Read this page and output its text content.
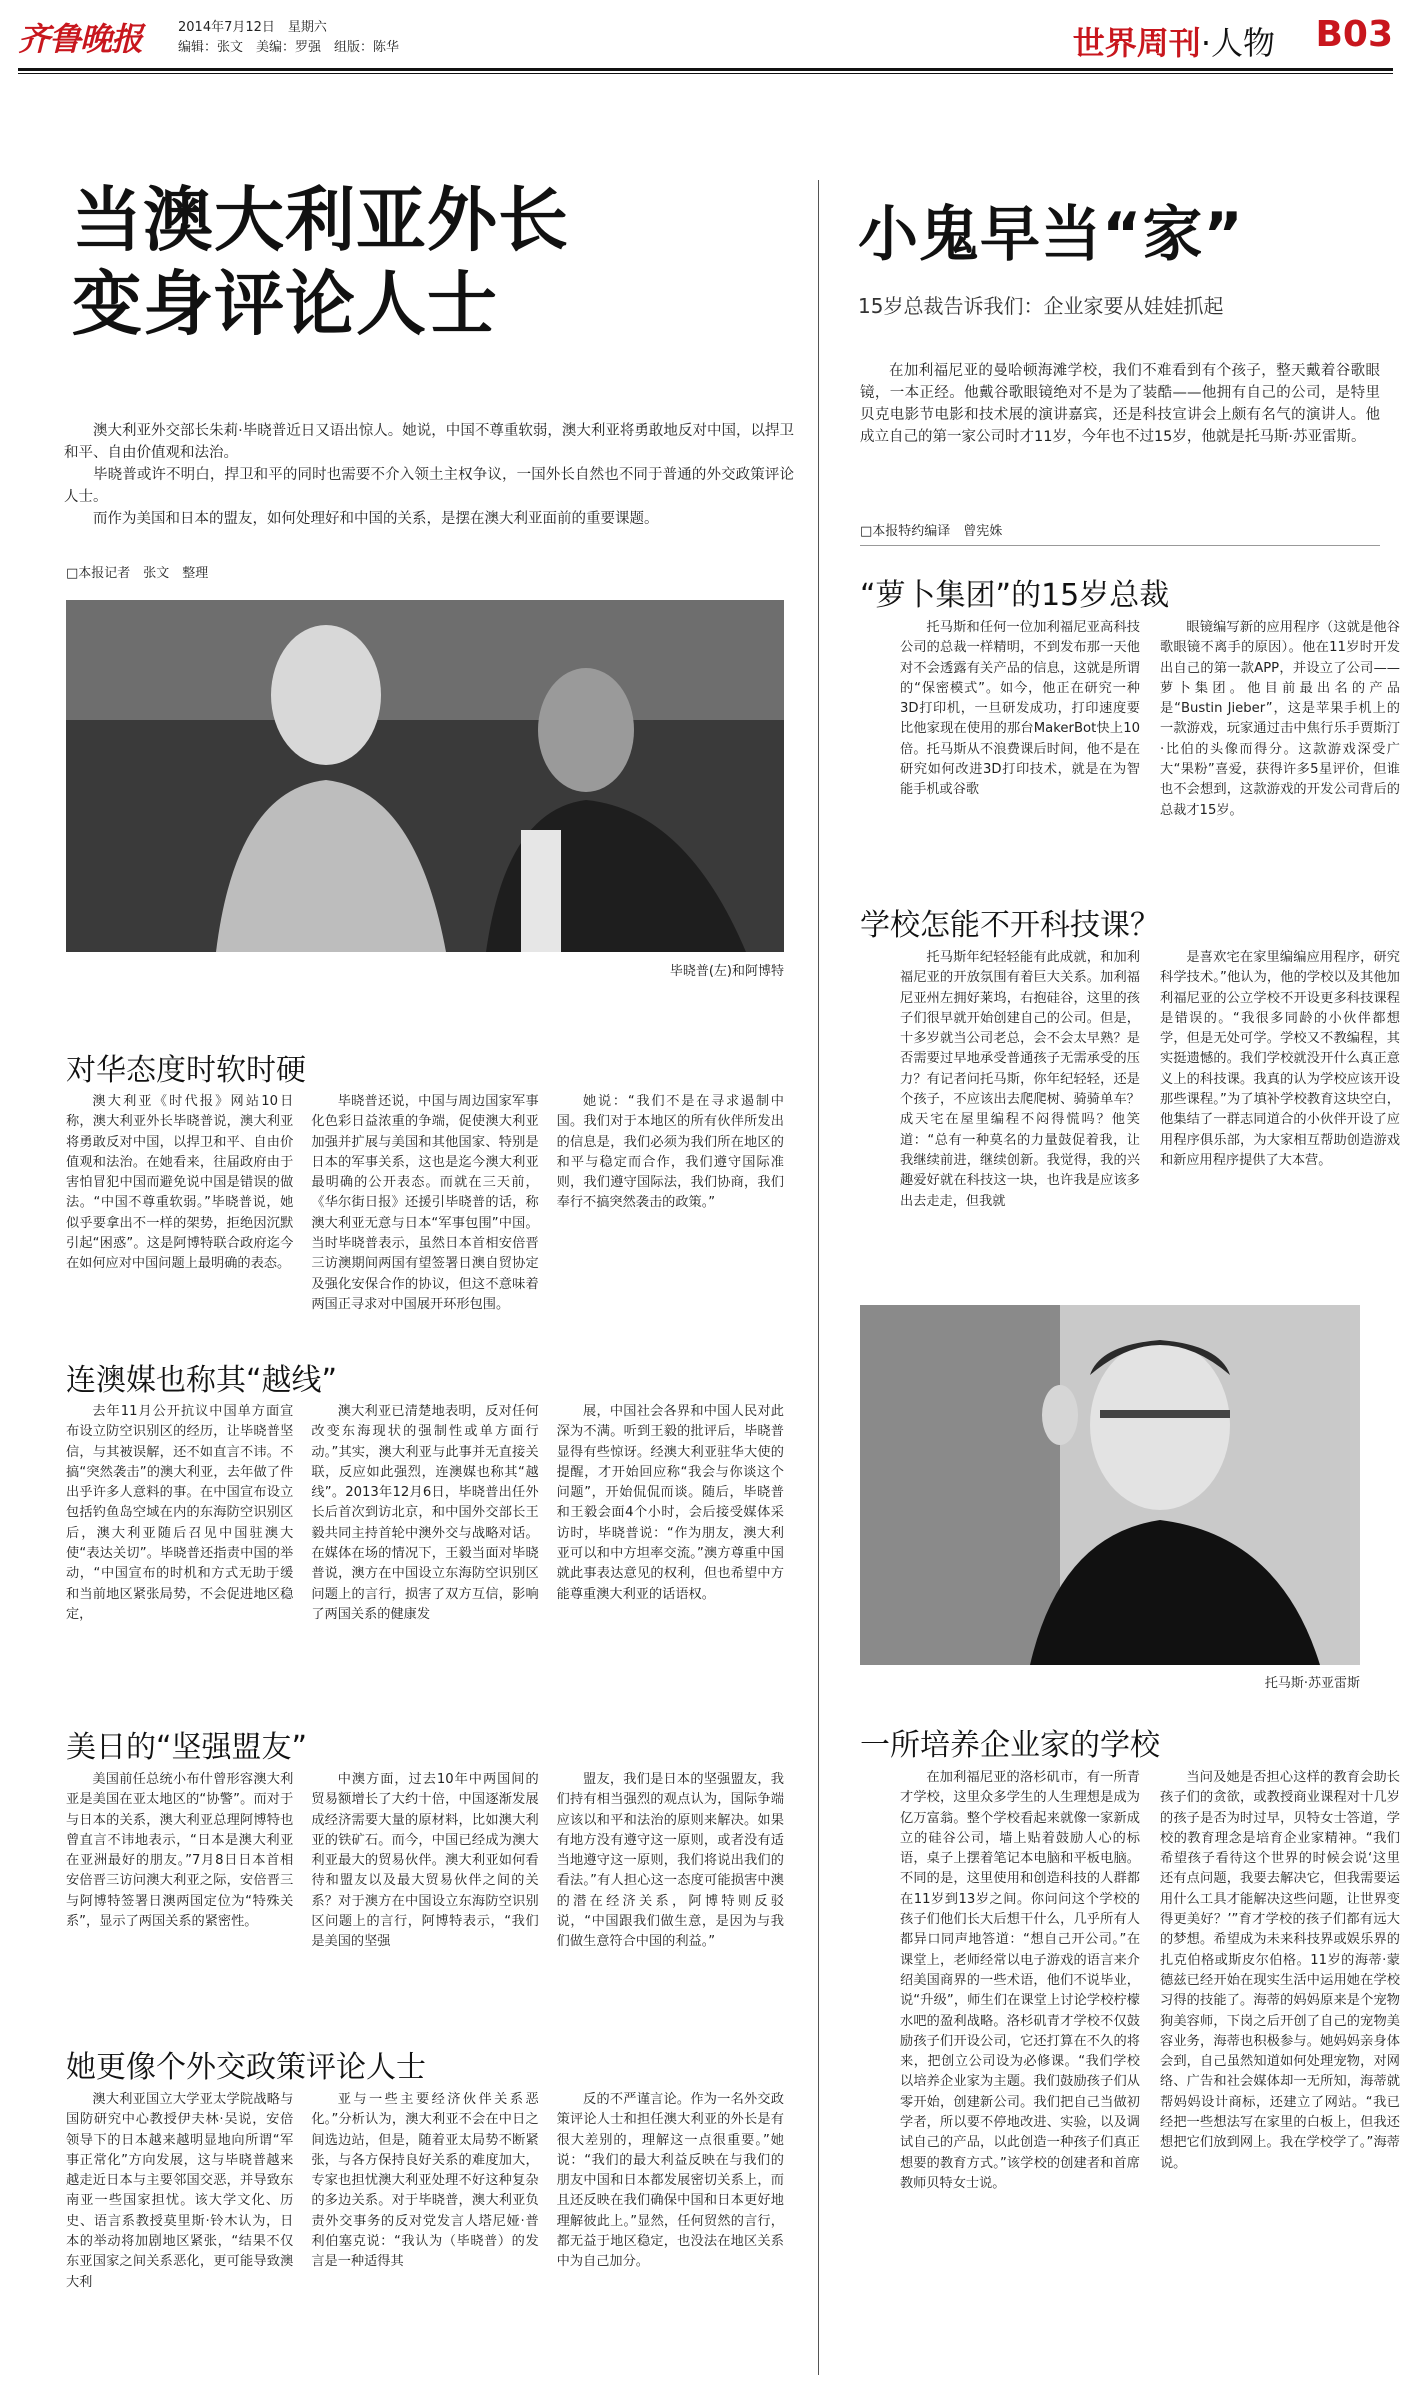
齐鲁晚报	2014年7月12日　星期六
编辑：张文　美编：罗强　组版：陈华	世界周刊·人物 B03
当澳大利亚外长
变身评论人士

澳大利亚外交部长朱莉·毕晓普近日又语出惊人。她说，中国不尊重软弱，澳大利亚将勇敢地反对中国，以捍卫和平、自由价值观和法治。

毕晓普或许不明白，捍卫和平的同时也需要不介入领土主权争议，一国外长自然也不同于普通的外交政策评论人士。

而作为美国和日本的盟友，如何处理好和中国的关系，是摆在澳大利亚面前的重要课题。

□本报记者　张文　整理
毕晓普(左)和阿博特
对华态度时软时硬
澳大利亚《时代报》网站10日称，澳大利亚外长毕晓普说，澳大利亚将勇敢反对中国，以捍卫和平、自由价值观和法治。在她看来，往届政府由于害怕冒犯中国而避免说中国是错误的做法。“中国不尊重软弱。”毕晓普说，她似乎要拿出不一样的架势，拒绝因沉默引起“困惑”。这是阿博特联合政府迄今在如何应对中国问题上最明确的表态。
毕晓普还说，中国与周边国家军事化色彩日益浓重的争端，促使澳大利亚加强并扩展与美国和其他国家、特别是日本的军事关系，这也是迄今澳大利亚最明确的公开表态。而就在三天前，《华尔街日报》还援引毕晓普的话，称澳大利亚无意与日本“军事包围”中国。当时毕晓普表示，虽然日本首相安倍晋三访澳期间两国有望签署日澳自贸协定及强化安保合作的协议，但这不意味着两国正寻求对中国展开环形包围。
她说：“我们不是在寻求遏制中国。我们对于本地区的所有伙伴所发出的信息是，我们必须为我们所在地区的和平与稳定而合作，我们遵守国际准则，我们遵守国际法，我们协商，我们奉行不搞突然袭击的政策。”
连澳媒也称其“越线”
去年11月公开抗议中国单方面宣布设立防空识别区的经历，让毕晓普坚信，与其被误解，还不如直言不讳。不搞“突然袭击”的澳大利亚，去年做了件出乎许多人意料的事。在中国宣布设立包括钓鱼岛空域在内的东海防空识别区后，澳大利亚随后召见中国驻澳大使“表达关切”。毕晓普还指责中国的举动，“中国宣布的时机和方式无助于缓和当前地区紧张局势，不会促进地区稳定，
澳大利亚已清楚地表明，反对任何改变东海现状的强制性或单方面行动。”其实，澳大利亚与此事并无直接关联，反应如此强烈，连澳媒也称其“越线”。2013年12月6日，毕晓普出任外长后首次到访北京，和中国外交部长王毅共同主持首轮中澳外交与战略对话。在媒体在场的情况下，王毅当面对毕晓普说，澳方在中国设立东海防空识别区问题上的言行，损害了双方互信，影响了两国关系的健康发
展，中国社会各界和中国人民对此深为不满。听到王毅的批评后，毕晓普显得有些惊讶。经澳大利亚驻华大使的提醒，才开始回应称“我会与你谈这个问题”，开始侃侃而谈。随后，毕晓普和王毅会面4个小时，会后接受媒体采访时，毕晓普说：“作为朋友，澳大利亚可以和中方坦率交流。”澳方尊重中国就此事表达意见的权利，但也希望中方能尊重澳大利亚的话语权。
美日的“坚强盟友”
美国前任总统小布什曾形容澳大利亚是美国在亚太地区的“协警”。而对于与日本的关系，澳大利亚总理阿博特也曾直言不讳地表示，“日本是澳大利亚在亚洲最好的朋友。”7月8日日本首相安倍晋三访问澳大利亚之际，安倍晋三与阿博特签署日澳两国定位为“特殊关系”，显示了两国关系的紧密性。
中澳方面，过去10年中两国间的贸易额增长了大约十倍，中国逐渐发展成经济需要大量的原材料，比如澳大利亚的铁矿石。而今，中国已经成为澳大利亚最大的贸易伙伴。澳大利亚如何看待和盟友以及最大贸易伙伴之间的关系？对于澳方在中国设立东海防空识别区问题上的言行，阿博特表示，“我们是美国的坚强
盟友，我们是日本的坚强盟友，我们持有相当强烈的观点认为，国际争端应该以和平和法治的原则来解决。如果有地方没有遵守这一原则，或者没有适当地遵守这一原则，我们将说出我们的看法。”有人担心这一态度可能损害中澳的潜在经济关系，阿博特则反驳说，“中国跟我们做生意，是因为与我们做生意符合中国的利益。”
她更像个外交政策评论人士
澳大利亚国立大学亚太学院战略与国防研究中心教授伊夫林·吴说，安倍领导下的日本越来越明显地向所谓“军事正常化”方向发展，这与毕晓普越来越走近日本与主要邻国交恶，并导致东南亚一些国家担忧。该大学文化、历史、语言系教授莫里斯·铃木认为，日本的举动将加剧地区紧张，“结果不仅东亚国家之间关系恶化，更可能导致澳大利
亚与一些主要经济伙伴关系恶化。”分析认为，澳大利亚不会在中日之间选边站，但是，随着亚太局势不断紧张，与各方保持良好关系的难度加大，专家也担忧澳大利亚处理不好这种复杂的多边关系。对于毕晓普，澳大利亚负责外交事务的反对党发言人塔尼娅·普利伯塞克说：“我认为（毕晓普）的发言是一种适得其
反的不严谨言论。作为一名外交政策评论人士和担任澳大利亚的外长是有很大差别的，理解这一点很重要。”她说：“我们的最大利益反映在与我们的朋友中国和日本都发展密切关系上，而且还反映在我们确保中国和日本更好地理解彼此上。”显然，任何贸然的言行，都无益于地区稳定，也没法在地区关系中为自己加分。
小鬼早当“家”
15岁总裁告诉我们：企业家要从娃娃抓起

在加利福尼亚的曼哈顿海滩学校，我们不难看到有个孩子，整天戴着谷歌眼镜，一本正经。他戴谷歌眼镜绝对不是为了装酷——他拥有自己的公司，是特里贝克电影节电影和技术展的演讲嘉宾，还是科技宣讲会上颇有名气的演讲人。他成立自己的第一家公司时才11岁，今年也不过15岁，他就是托马斯·苏亚雷斯。

□本报特约编译　曾宪姝
“萝卜集团”的15岁总裁
托马斯和任何一位加利福尼亚高科技公司的总裁一样精明，不到发布那一天他对不会透露有关产品的信息，这就是所谓的“保密模式”。如今，他正在研究一种3D打印机，一旦研发成功，打印速度要比他家现在使用的那台MakerBot快上10倍。托马斯从不浪费课后时间，他不是在研究如何改进3D打印技术，就是在为智能手机或谷歌
眼镜编写新的应用程序（这就是他谷歌眼镜不离手的原因）。他在11岁时开发出自己的第一款APP，并设立了公司——萝卜集团。他目前最出名的产品是“Bustin Jieber”，这是苹果手机上的一款游戏，玩家通过击中焦行乐手贾斯汀·比伯的头像而得分。这款游戏深受广大“果粉”喜爱，获得许多5星评价，但谁也不会想到，这款游戏的开发公司背后的总裁才15岁。
学校怎能不开科技课？
托马斯年纪轻轻能有此成就，和加利福尼亚的开放氛围有着巨大关系。加利福尼亚州左拥好莱坞，右抱硅谷，这里的孩子们很早就开始创建自己的公司。但是，十多岁就当公司老总，会不会太早熟？是否需要过早地承受普通孩子无需承受的压力？有记者问托马斯，你年纪轻轻，还是个孩子，不应该出去爬爬树、骑骑单车？成天宅在屋里编程不闷得慌吗？他笑道：“总有一种莫名的力量鼓促着我，让我继续前进，继续创新。我觉得，我的兴趣爱好就在科技这一块，也许我是应该多出去走走，但我就
是喜欢宅在家里编编应用程序，研究科学技术。”他认为，他的学校以及其他加利福尼亚的公立学校不开设更多科技课程是错误的。“我很多同龄的小伙伴都想学，但是无处可学。学校又不教编程，其实挺遗憾的。我们学校就没开什么真正意义上的科技课。我真的认为学校应该开设那些课程。”为了填补学校教育这块空白，他集结了一群志同道合的小伙伴开设了应用程序俱乐部，为大家相互帮助创造游戏和新应用程序提供了大本营。
托马斯·苏亚雷斯
一所培养企业家的学校
在加利福尼亚的洛杉矶市，有一所青才学校，这里众多学生的人生理想是成为亿万富翁。整个学校看起来就像一家新成立的硅谷公司，墙上贴着鼓励人心的标语，桌子上摆着笔记本电脑和平板电脑。不同的是，这里使用和创造科技的人群都在11岁到13岁之间。你问问这个学校的孩子们他们长大后想干什么，几乎所有人都异口同声地答道：“想自己开公司。”在课堂上，老师经常以电子游戏的语言来介绍美国商界的一些术语，他们不说毕业，说“升级”，师生们在课堂上讨论学校柠檬水吧的盈利战略。洛杉矶青才学校不仅鼓励孩子们开设公司，它还打算在不久的将来，把创立公司设为必修课。“我们学校以培养企业家为主题。我们鼓励孩子们从零开始，创建新公司。我们把自己当做初学者，所以要不停地改进、实验，以及调试自己的产品，以此创造一种孩子们真正想要的教育方式。”该学校的创建者和首席教师贝特女士说。
当问及她是否担心这样的教育会助长孩子们的贪欲，或教授商业课程对十几岁的孩子是否为时过早，贝特女士答道，学校的教育理念是培育企业家精神。“我们希望孩子看待这个世界的时候会说‘这里还有点问题，我要去解决它，但我需要运用什么工具才能解决这些问题，让世界变得更美好？’”育才学校的孩子们都有远大的梦想。希望成为未来科技界或娱乐界的扎克伯格或斯皮尔伯格。11岁的海蒂·蒙德兹已经开始在现实生活中运用她在学校习得的技能了。海蒂的妈妈原来是个宠物狗美容师，下岗之后开创了自己的宠物美容业务，海蒂也积极参与。她妈妈亲身体会到，自己虽然知道如何处理宠物，对网络、广告和社会媒体却一无所知，海蒂就帮妈妈设计商标，还建立了网站。“我已经把一些想法写在家里的白板上，但我还想把它们放到网上。我在学校学了。”海蒂说。
